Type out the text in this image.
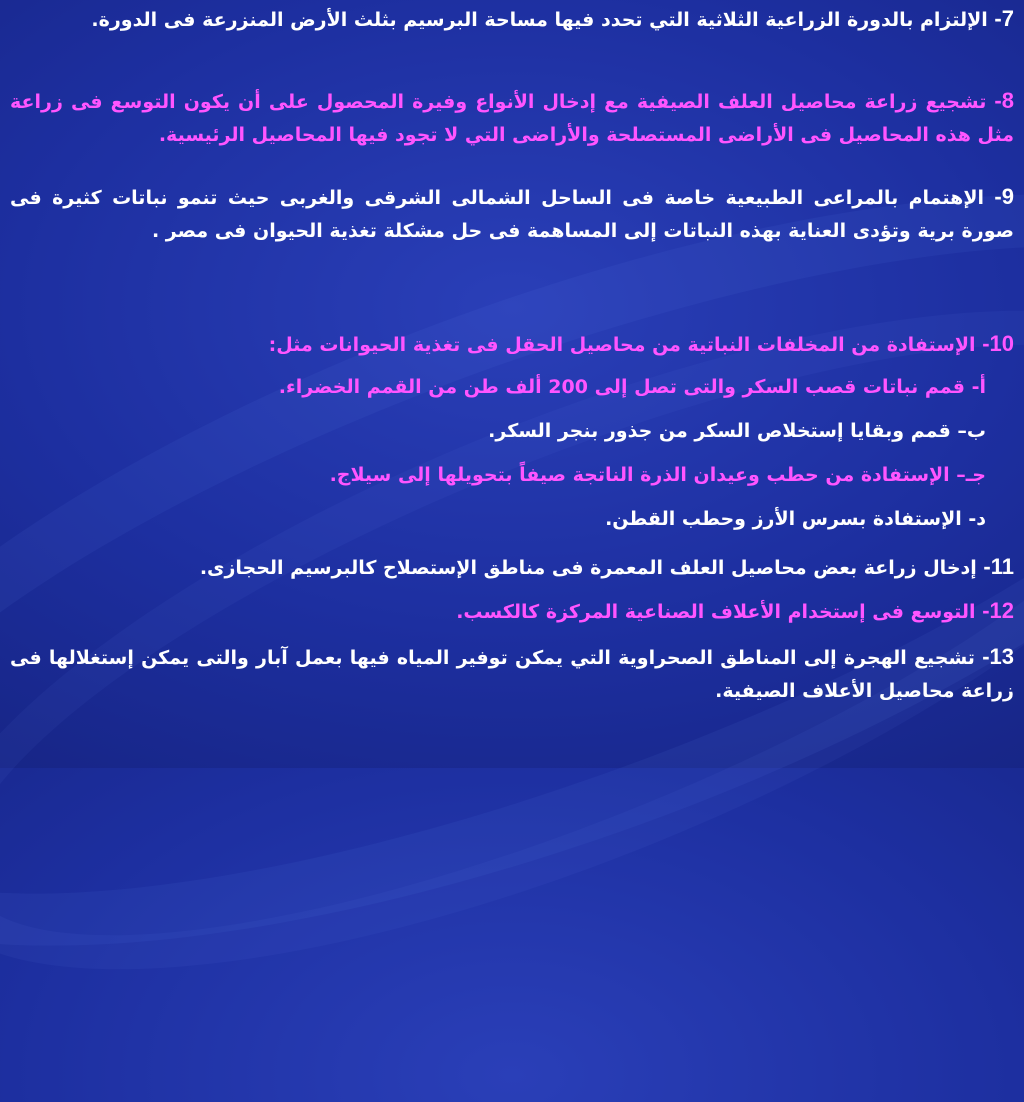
7- الإلتزام بالدورة الزراعية الثلاثية التي تحدد فيها مساحة البرسيم بثلث الأرض المنزرعة فى الدورة.

8- تشجيع زراعة محاصيل العلف الصيفية مع إدخال الأنواع وفيرة المحصول على أن يكون التوسع فى زراعة مثل هذه المحاصيل فى الأراضى المستصلحة والأراضى التي لا تجود فيها المحاصيل الرئيسية.

9- الإهتمام بالمراعى الطبيعية خاصة فى الساحل الشمالى الشرقى والغربى حيث تنمو نباتات كثيرة فى صورة برية وتؤدى العناية بهذه النباتات إلى المساهمة فى حل مشكلة تغذية الحيوان فى مصر .

10- الإستفادة من المخلفات النباتية من محاصيل الحقل فى تغذية الحيوانات مثل:

أ- قمم نباتات قصب السكر والتى تصل إلى 200 ألف طن من القمم الخضراء.

ب– قمم وبقايا إستخلاص السكر من جذور بنجر السكر.

جـ– الإستفادة من حطب وعيدان الذرة الناتجة صيفاً بتحويلها إلى سيلاج.

د- الإستفادة بسرس الأرز وحطب القطن.

11- إدخال زراعة بعض محاصيل العلف المعمرة فى مناطق الإستصلاح كالبرسيم الحجازى.

12- التوسع فى إستخدام الأعلاف الصناعية المركزة كالكسب.

13- تشجيع الهجرة إلى المناطق الصحراوية التي يمكن توفير المياه فيها بعمل آبار والتى يمكن إستغلالها فى زراعة محاصيل الأعلاف الصيفية.
